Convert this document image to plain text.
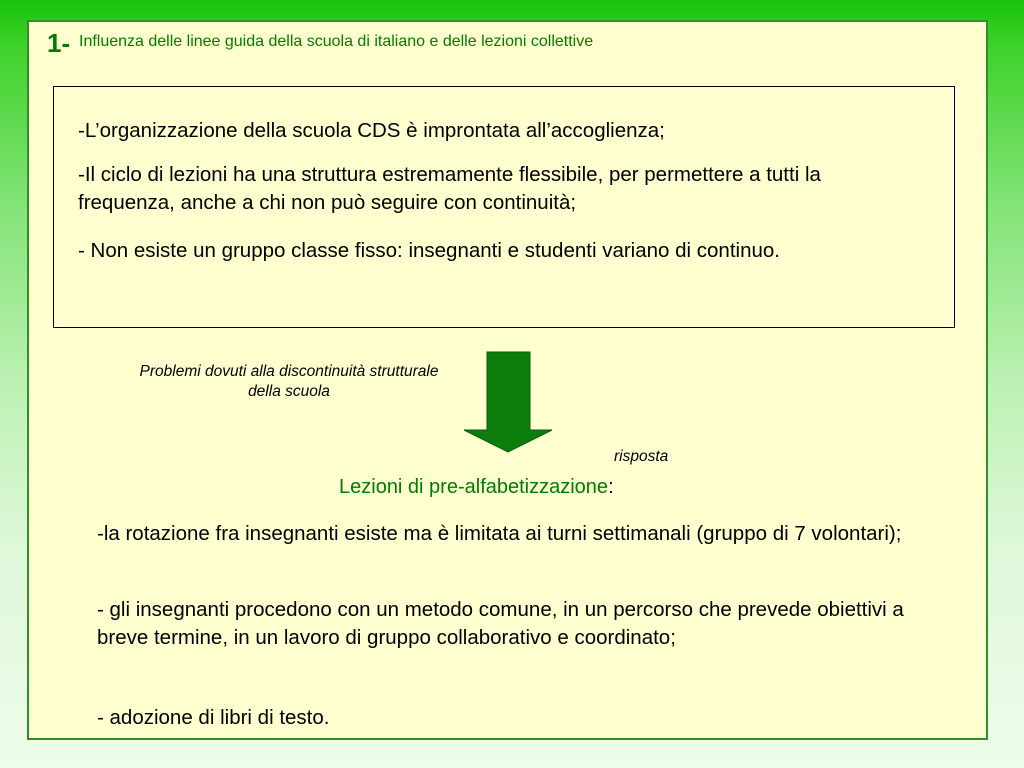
1- Influenza delle linee guida della scuola di italiano e delle lezioni collettive

-L’organizzazione della scuola CDS è improntata all’accoglienza;

-Il ciclo di lezioni ha una struttura estremamente flessibile, per permettere a tutti la frequenza, anche a chi non può seguire con continuità;

- Non esiste un gruppo classe fisso: insegnanti e studenti variano di continuo.

Problemi dovuti alla discontinuità strutturale della scuola
risposta
Lezioni di pre-alfabetizzazione:

-la rotazione fra insegnanti esiste ma è limitata ai turni settimanali (gruppo di 7 volontari);

- gli insegnanti procedono con un metodo comune, in un percorso che prevede obiettivi a breve termine, in un lavoro di gruppo collaborativo e coordinato;

- adozione di libri di testo.
